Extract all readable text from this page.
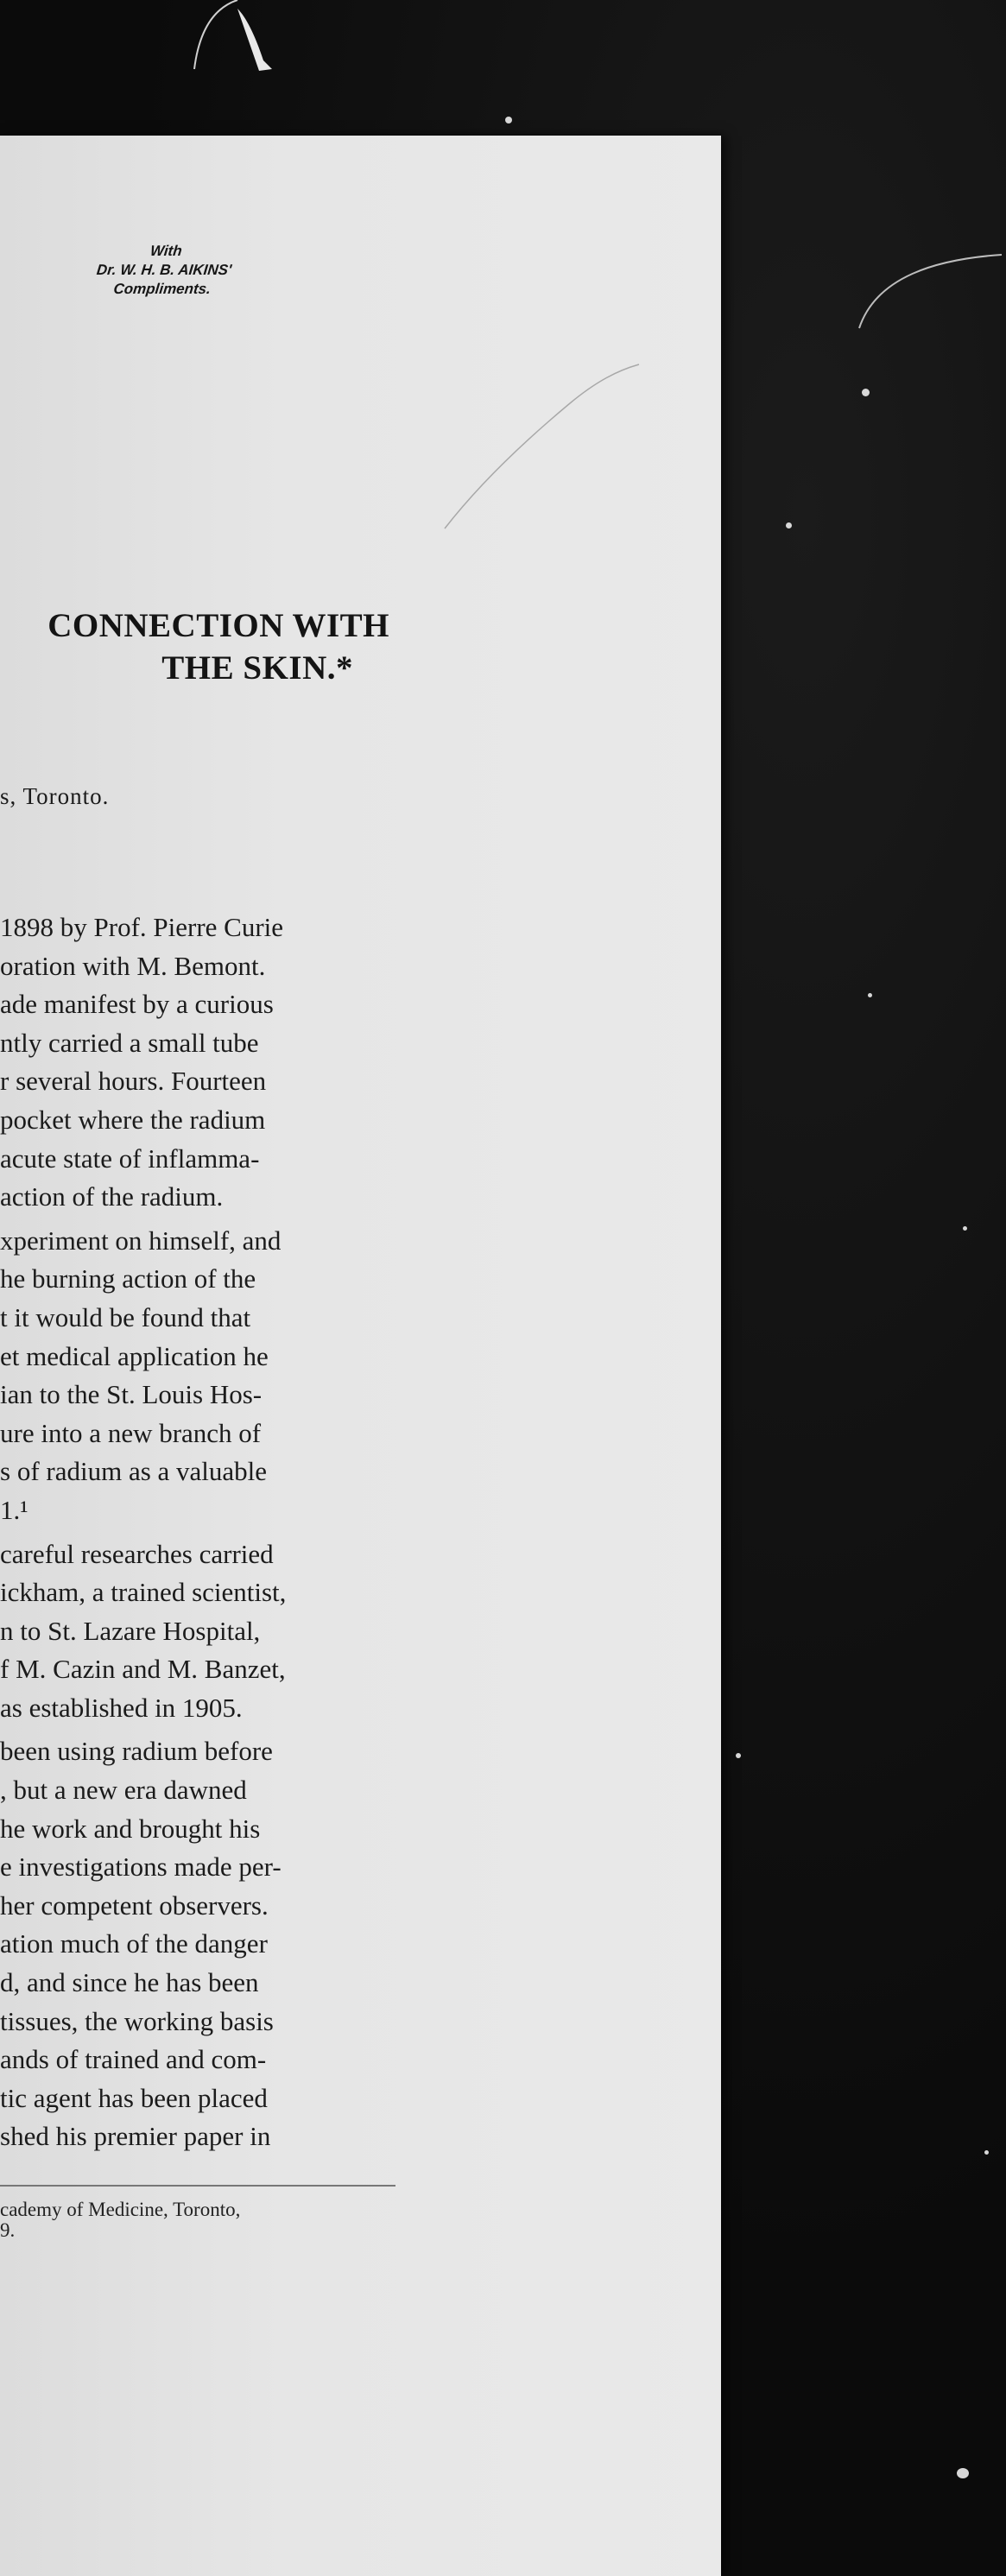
With
Dr. W. H. B. AIKINS'
Compliments.
CONNECTION WITH
THE SKIN.*
s, Toronto.
1898 by Prof. Pierre Curie
oration with M. Bemont.
ade manifest by a curious
ntly carried a small tube
r several hours. Fourteen
pocket where the radium
acute state of inflamma-
action of the radium.
xperiment on himself, and
he burning action of the
t it would be found that
et medical application he
ian to the St. Louis Hos-
ure into a new branch of
s of radium as a valuable
1.¹
careful researches carried
ickham, a trained scientist,
n to St. Lazare Hospital,
f M. Cazin and M. Banzet,
as established in 1905.
been using radium before
, but a new era dawned
he work and brought his
e investigations made per-
her competent observers.
ation much of the danger
d, and since he has been
tissues, the working basis
ands of trained and com-
tic agent has been placed
shed his premier paper in
cademy of Medicine, Toronto,
9.
